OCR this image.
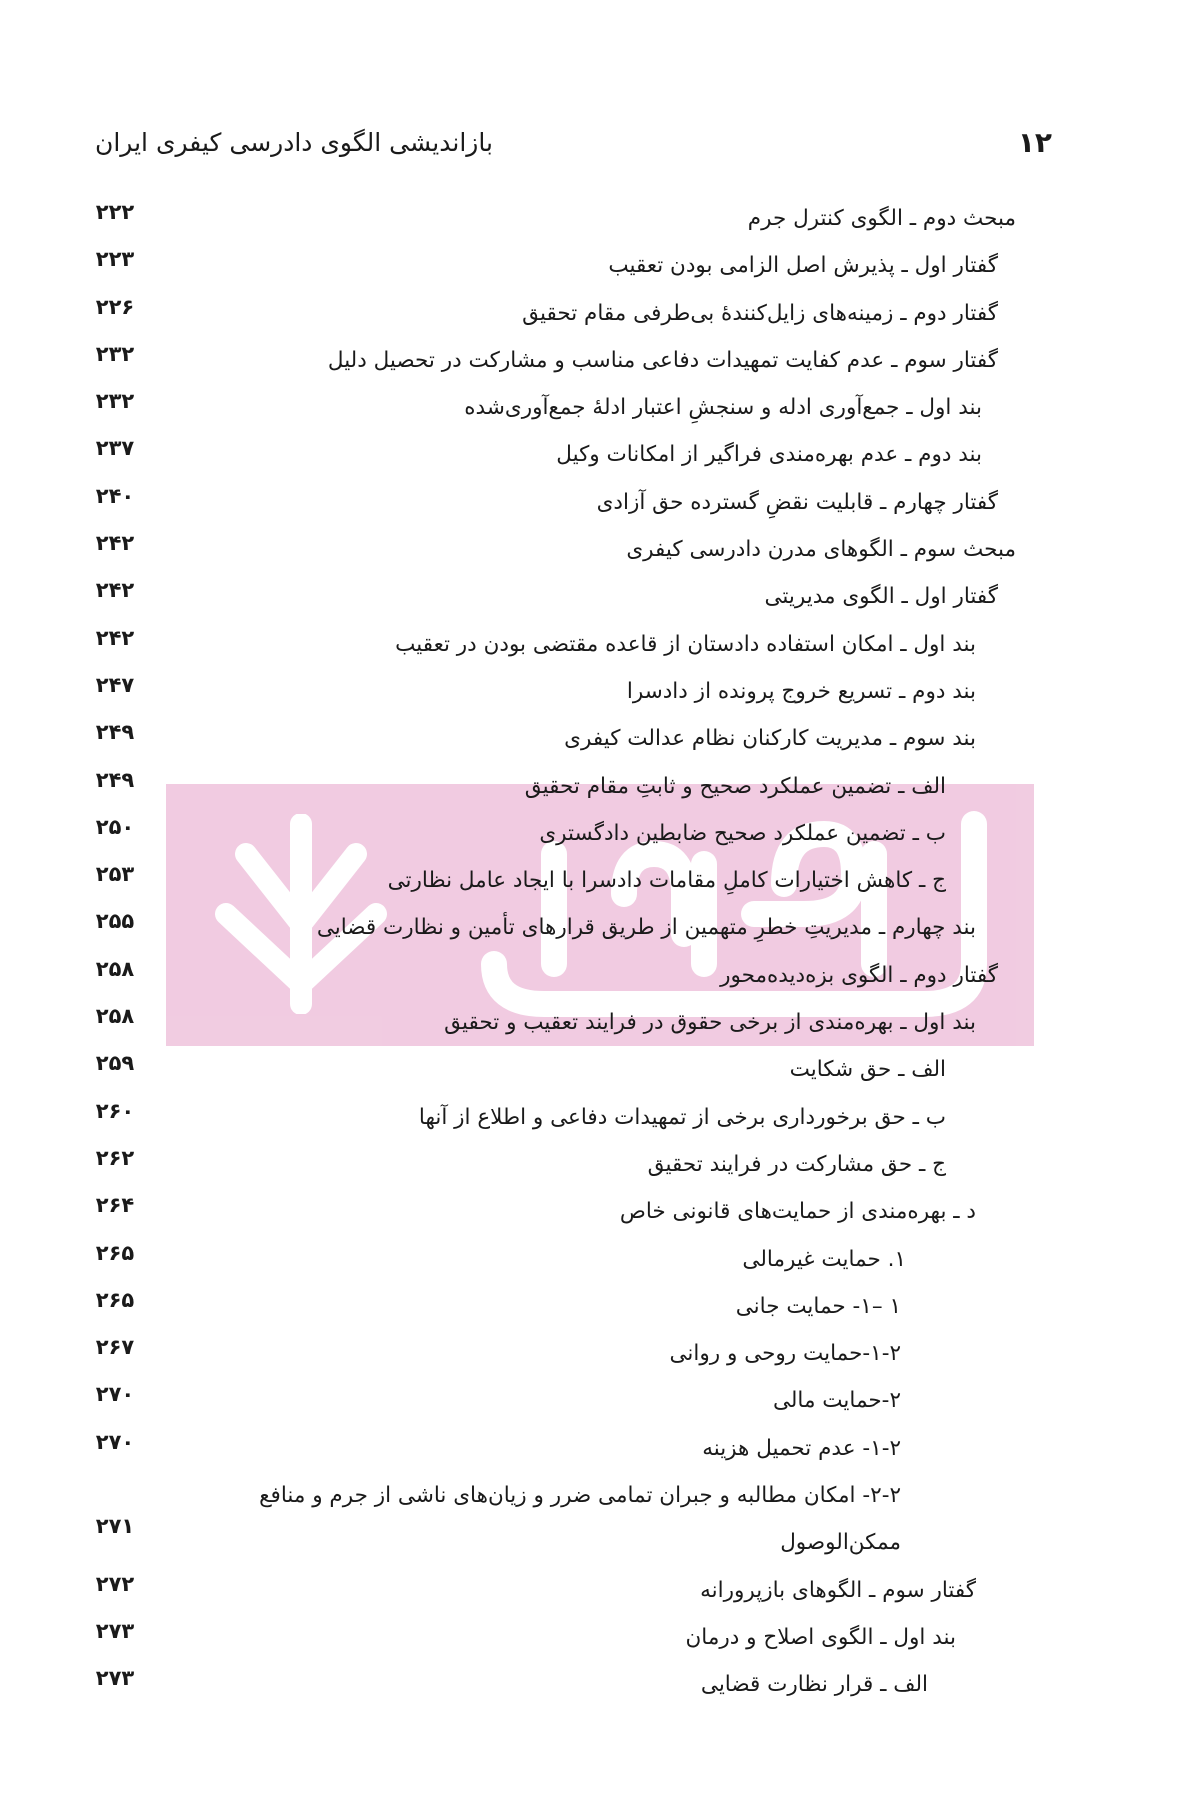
۱۲
بازاندیشی الگوی دادرسی کیفری ایران
مبحث دوم ـ الگوی کنترل جرم
۲۲۲
گفتار اول ـ پذیرش اصل الزامی بودن تعقیب
۲۲۳
گفتار دوم ـ زمینه‌های زایل‌کنندهٔ بی‌طرفی مقام تحقیق
۲۲۶
گفتار سوم ـ عدم کفایت تمهیدات دفاعی مناسب و مشارکت در تحصیل دلیل
۲۳۲
بند اول ـ جمع‌آوری ادله و سنجشِ اعتبار ادلهٔ جمع‌آوری‌شده
۲۳۲
بند دوم ـ عدم بهره‌مندی فراگیر از امکانات وکیل
۲۳۷
گفتار چهارم ـ قابلیت نقضِ گسترده حق آزادی
۲۴۰
مبحث سوم ـ الگوهای مدرن دادرسی کیفری
۲۴۲
گفتار اول ـ الگوی مدیریتی
۲۴۲
بند اول ـ امکان استفاده دادستان از قاعده مقتضی بودن در تعقیب
۲۴۲
بند دوم ـ تسریع خروج پرونده از دادسرا
۲۴۷
بند سوم ـ مدیریت کارکنان نظام عدالت کیفری
۲۴۹
الف ـ تضمین عملکرد صحیح و ثابتِ مقام تحقیق
۲۴۹
ب ـ تضمین عملکرد صحیح ضابطین دادگستری
۲۵۰
ج ـ کاهش اختیارات کاملِ مقامات دادسرا با ایجاد عامل نظارتی
۲۵۳
بند چهارم ـ مدیریتِ خطرِ متهمین از طریق قرارهای تأمین و نظارت قضایی
۲۵۵
گفتار دوم ـ الگوی بزه‌دیده‌محور
۲۵۸
بند اول ـ بهره‌مندی از برخی حقوق در فرایند تعقیب و تحقیق
۲۵۸
الف ـ حق شکایت
۲۵۹
ب ـ حق برخورداری برخی از تمهیدات دفاعی و اطلاع از آنها
۲۶۰
ج ـ حق مشارکت در فرایند تحقیق
۲۶۲
د ـ بهره‌مندی از حمایت‌های قانونی خاص
۲۶۴
۱. حمایت غیرمالی
۲۶۵
۱ –۱- حمایت جانی
۲۶۵
۱-۲-حمایت روحی و روانی
۲۶۷
۲-حمایت مالی
۲۷۰
۱-۲- عدم تحمیل هزینه
۲۷۰
۲-۲- امکان مطالبه و جبران تمامی ضرر و زیان‌های ناشی از جرم و منافع
ممکن‌الوصول
۲۷۱
گفتار سوم ـ الگوهای بازپرورانه
۲۷۲
بند اول ـ الگوی اصلاح و درمان
۲۷۳
الف ـ قرار نظارت قضایی
۲۷۳
